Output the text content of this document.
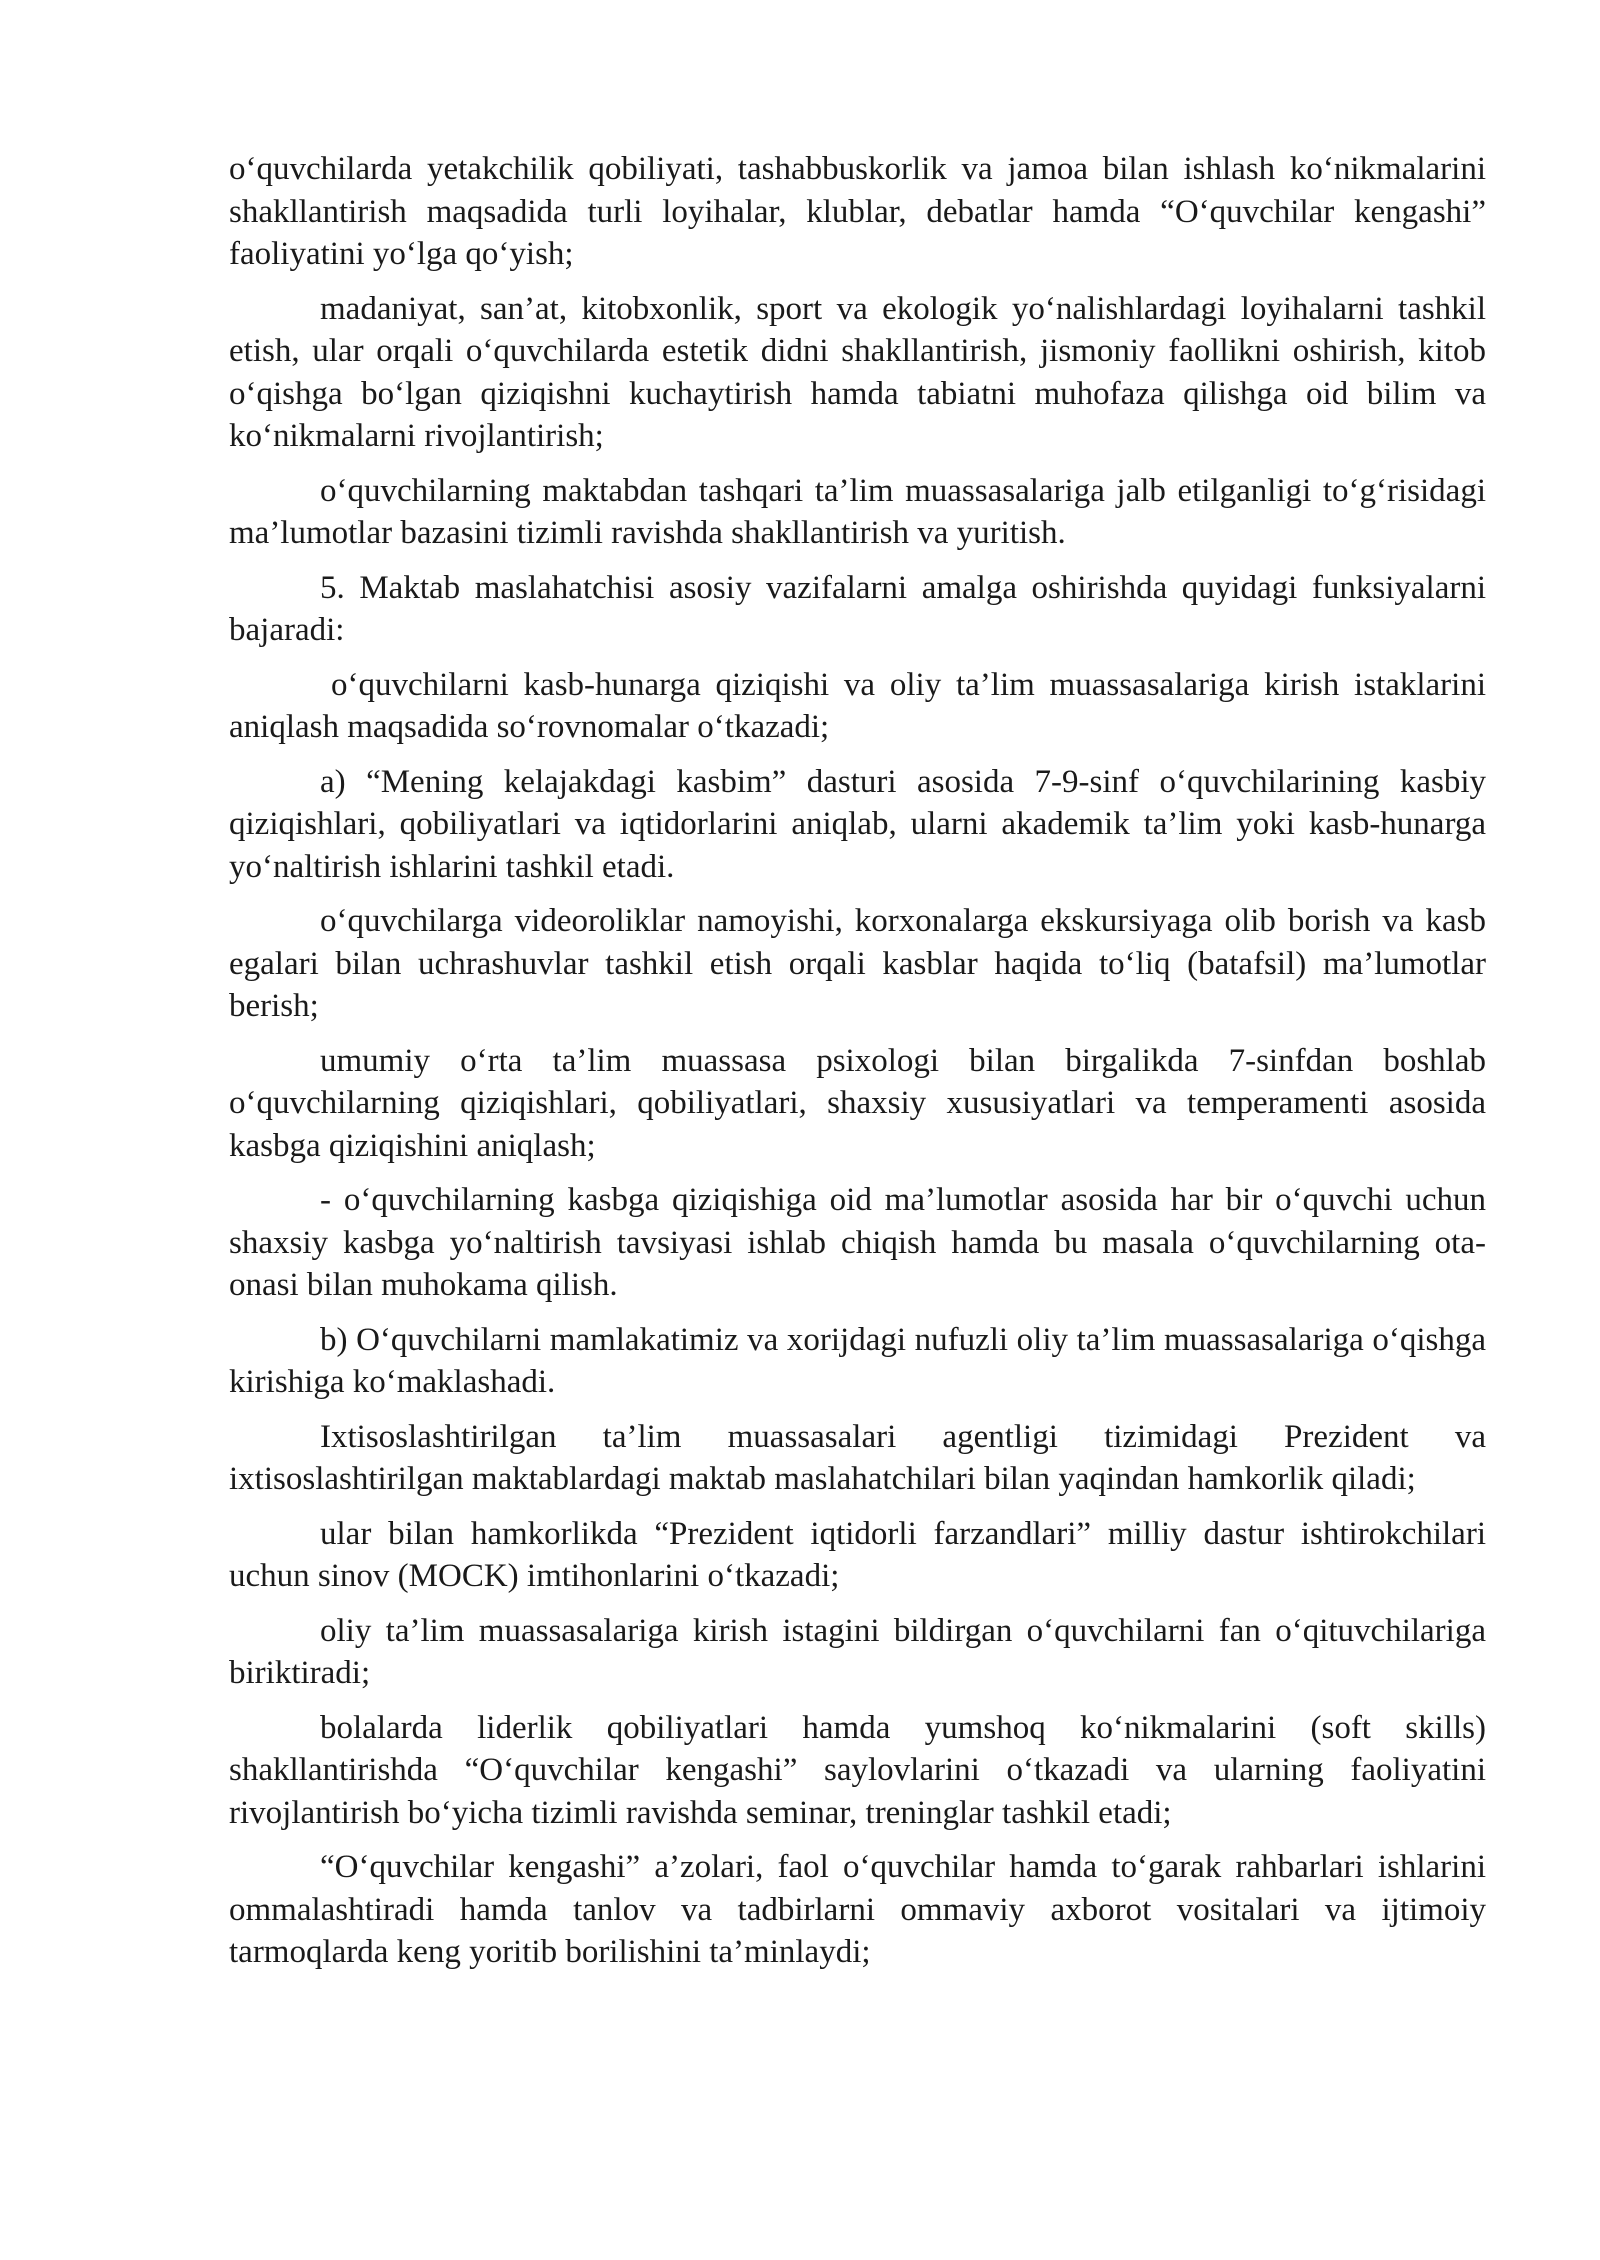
o‘quvchilarda yetakchilik qobiliyati, tashabbuskorlik va jamoa bilan ishlash ko‘nikmalarini shakllantirish maqsadida turli loyihalar, klublar, debatlar hamda “O‘quvchilar kengashi” faoliyatini yo‘lga qo‘yish;

madaniyat, san’at, kitobxonlik, sport va ekologik yo‘nalishlardagi loyihalarni tashkil etish, ular orqali o‘quvchilarda estetik didni shakllantirish, jismoniy faollikni oshirish, kitob o‘qishga bo‘lgan qiziqishni kuchaytirish hamda tabiatni muhofaza qilishga oid bilim va ko‘nikmalarni rivojlantirish;

o‘quvchilarning maktabdan tashqari ta’lim muassasalariga jalb etilganligi to‘g‘risidagi ma’lumotlar bazasini tizimli ravishda shakllantirish va yuritish.

5. Maktab maslahatchisi asosiy vazifalarni amalga oshirishda quyidagi funksiyalarni bajaradi:

o‘quvchilarni kasb-hunarga qiziqishi va oliy ta’lim muassasalariga kirish istaklarini aniqlash maqsadida so‘rovnomalar o‘tkazadi;

a) “Mening kelajakdagi kasbim” dasturi asosida 7-9-sinf o‘quvchilarining kasbiy qiziqishlari, qobiliyatlari va iqtidorlarini aniqlab, ularni akademik ta’lim yoki kasb-hunarga yo‘naltirish ishlarini tashkil etadi.

o‘quvchilarga videoroliklar namoyishi, korxonalarga ekskursiyaga olib borish va kasb egalari bilan uchrashuvlar tashkil etish orqali kasblar haqida to‘liq (batafsil) ma’lumotlar berish;

umumiy o‘rta ta’lim muassasa psixologi bilan birgalikda 7-sinfdan boshlab o‘quvchilarning qiziqishlari, qobiliyatlari, shaxsiy xususiyatlari va temperamenti asosida kasbga qiziqishini aniqlash;

- o‘quvchilarning kasbga qiziqishiga oid ma’lumotlar asosida har bir o‘quvchi uchun shaxsiy kasbga yo‘naltirish tavsiyasi ishlab chiqish hamda bu masala o‘quvchilarning ota-onasi bilan muhokama qilish.

b) O‘quvchilarni mamlakatimiz va xorijdagi nufuzli oliy ta’lim muassasalariga o‘qishga kirishiga ko‘maklashadi.

Ixtisoslashtirilgan ta’lim muassasalari agentligi tizimidagi Prezident va ixtisoslashtirilgan maktablardagi maktab maslahatchilari bilan yaqindan hamkorlik qiladi;

ular bilan hamkorlikda “Prezident iqtidorli farzandlari” milliy dastur ishtirokchilari uchun sinov (MOCK) imtihonlarini o‘tkazadi;

oliy ta’lim muassasalariga kirish istagini bildirgan o‘quvchilarni fan o‘qituvchilariga biriktiradi;

bolalarda liderlik qobiliyatlari hamda yumshoq ko‘nikmalarini (soft skills) shakllantirishda “O‘quvchilar kengashi” saylovlarini o‘tkazadi va ularning faoliyatini rivojlantirish bo‘yicha tizimli ravishda seminar, treninglar tashkil etadi;

“O‘quvchilar kengashi” a’zolari, faol o‘quvchilar hamda to‘garak rahbarlari ishlarini ommalashtiradi hamda tanlov va tadbirlarni ommaviy axborot vositalari va ijtimoiy tarmoqlarda keng yoritib borilishini ta’minlaydi;
